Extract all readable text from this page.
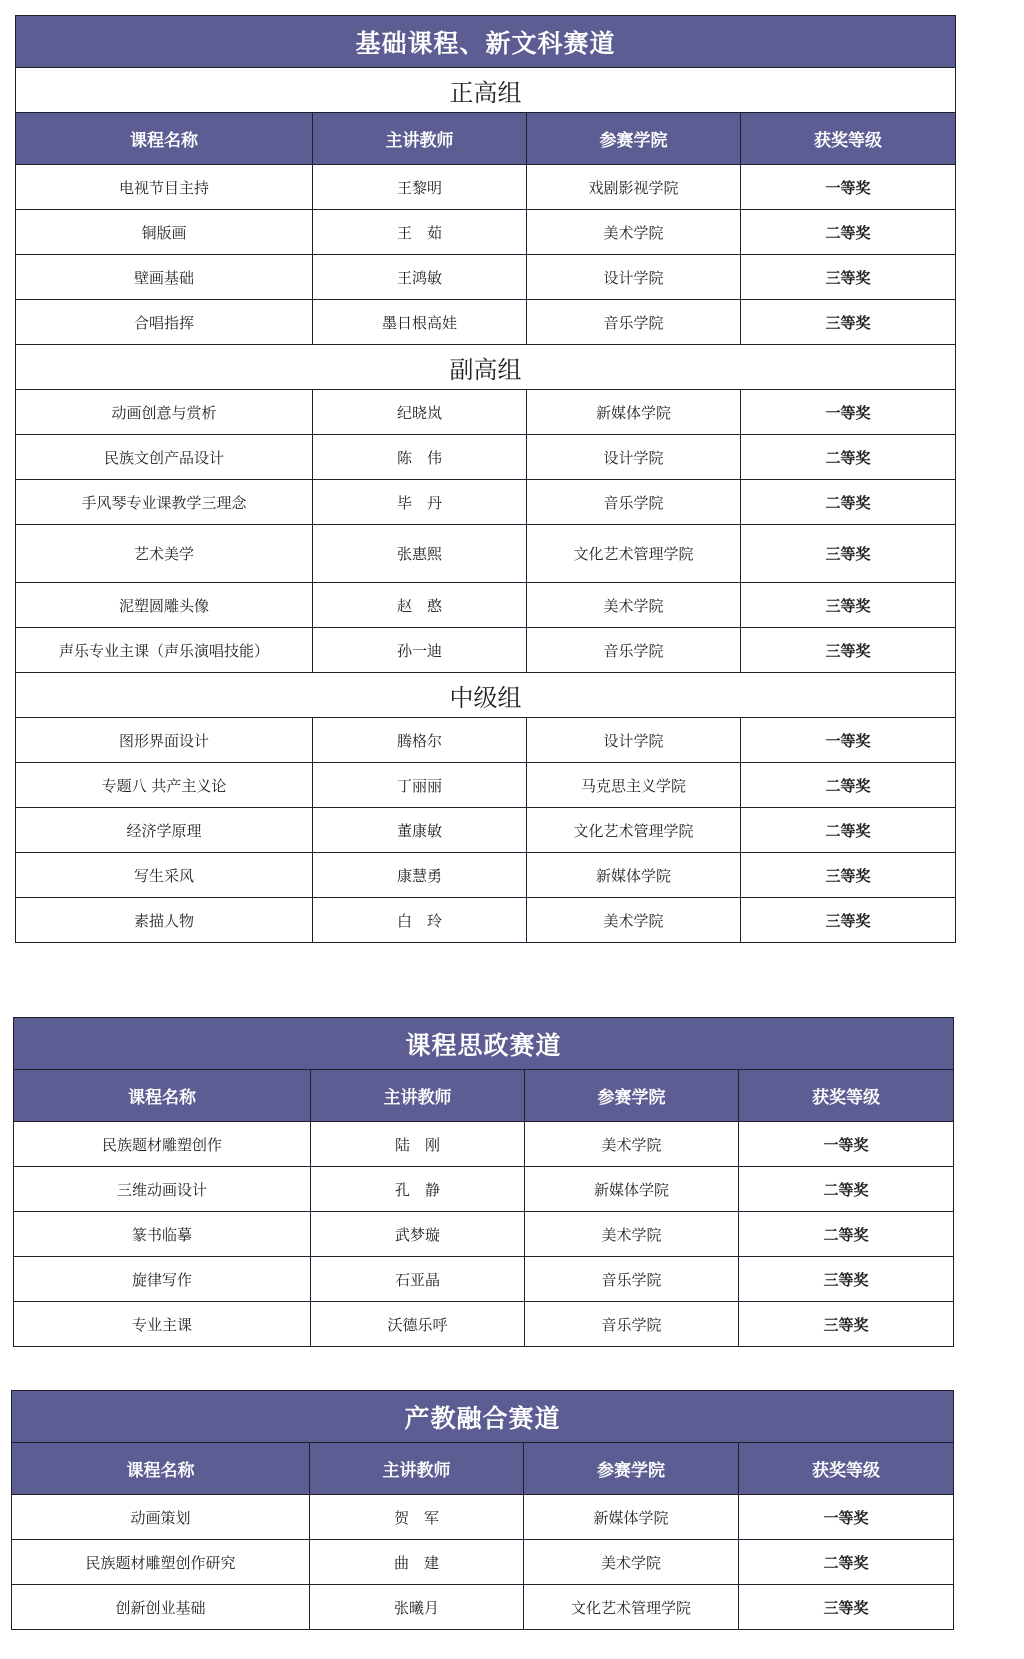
基础课程、新文科赛道			
正高组			
课程名称	主讲教师	参赛学院	获奖等级
电视节目主持	王黎明	戏剧影视学院	一等奖
铜版画	王　茹	美术学院	二等奖
壁画基础	王鸿敏	设计学院	三等奖
合唱指挥	墨日根高娃	音乐学院	三等奖
副高组			
动画创意与赏析	纪晓岚	新媒体学院	一等奖
民族文创产品设计	陈　伟	设计学院	二等奖
手风琴专业课教学三理念	毕　丹	音乐学院	二等奖
艺术美学	张惠熙	文化艺术管理学院	三等奖
泥塑圆雕头像	赵　憨	美术学院	三等奖
声乐专业主课（声乐演唱技能）	孙一迪	音乐学院	三等奖
中级组			
图形界面设计	腾格尔	设计学院	一等奖
专题八 共产主义论	丁丽丽	马克思主义学院	二等奖
经济学原理	董康敏	文化艺术管理学院	二等奖
写生采风	康慧勇	新媒体学院	三等奖
素描人物	白　玲	美术学院	三等奖
课程思政赛道			
课程名称	主讲教师	参赛学院	获奖等级
民族题材雕塑创作	陆　刚	美术学院	一等奖
三维动画设计	孔　静	新媒体学院	二等奖
篆书临摹	武梦璇	美术学院	二等奖
旋律写作	石亚晶	音乐学院	三等奖
专业主课	沃德乐呼	音乐学院	三等奖
产教融合赛道			
课程名称	主讲教师	参赛学院	获奖等级
动画策划	贺　军	新媒体学院	一等奖
民族题材雕塑创作研究	曲　建	美术学院	二等奖
创新创业基础	张曦月	文化艺术管理学院	三等奖
